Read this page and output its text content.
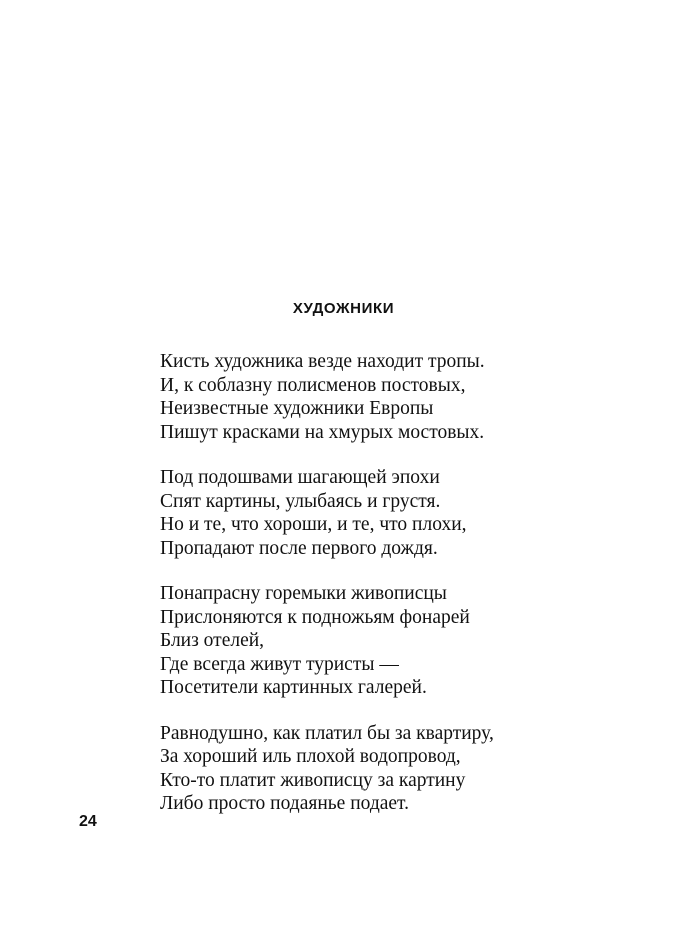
ХУДОЖНИКИ
Кисть художника везде находит тропы.
И, к соблазну полисменов постовых,
Неизвестные художники Европы
Пишут красками на хмурых мостовых.
Под подошвами шагающей эпохи
Спят картины, улыбаясь и грустя.
Но и те, что хороши, и те, что плохи,
Пропадают после первого дождя.
Понапрасну горемыки живописцы
Прислоняются к подножьям фонарей
Близ отелей,
Где всегда живут туристы —
Посетители картинных галерей.
Равнодушно, как платил бы за квартиру,
За хороший иль плохой водопровод,
Кто-то платит живописцу за картину
Либо просто подаянье подает.
24
